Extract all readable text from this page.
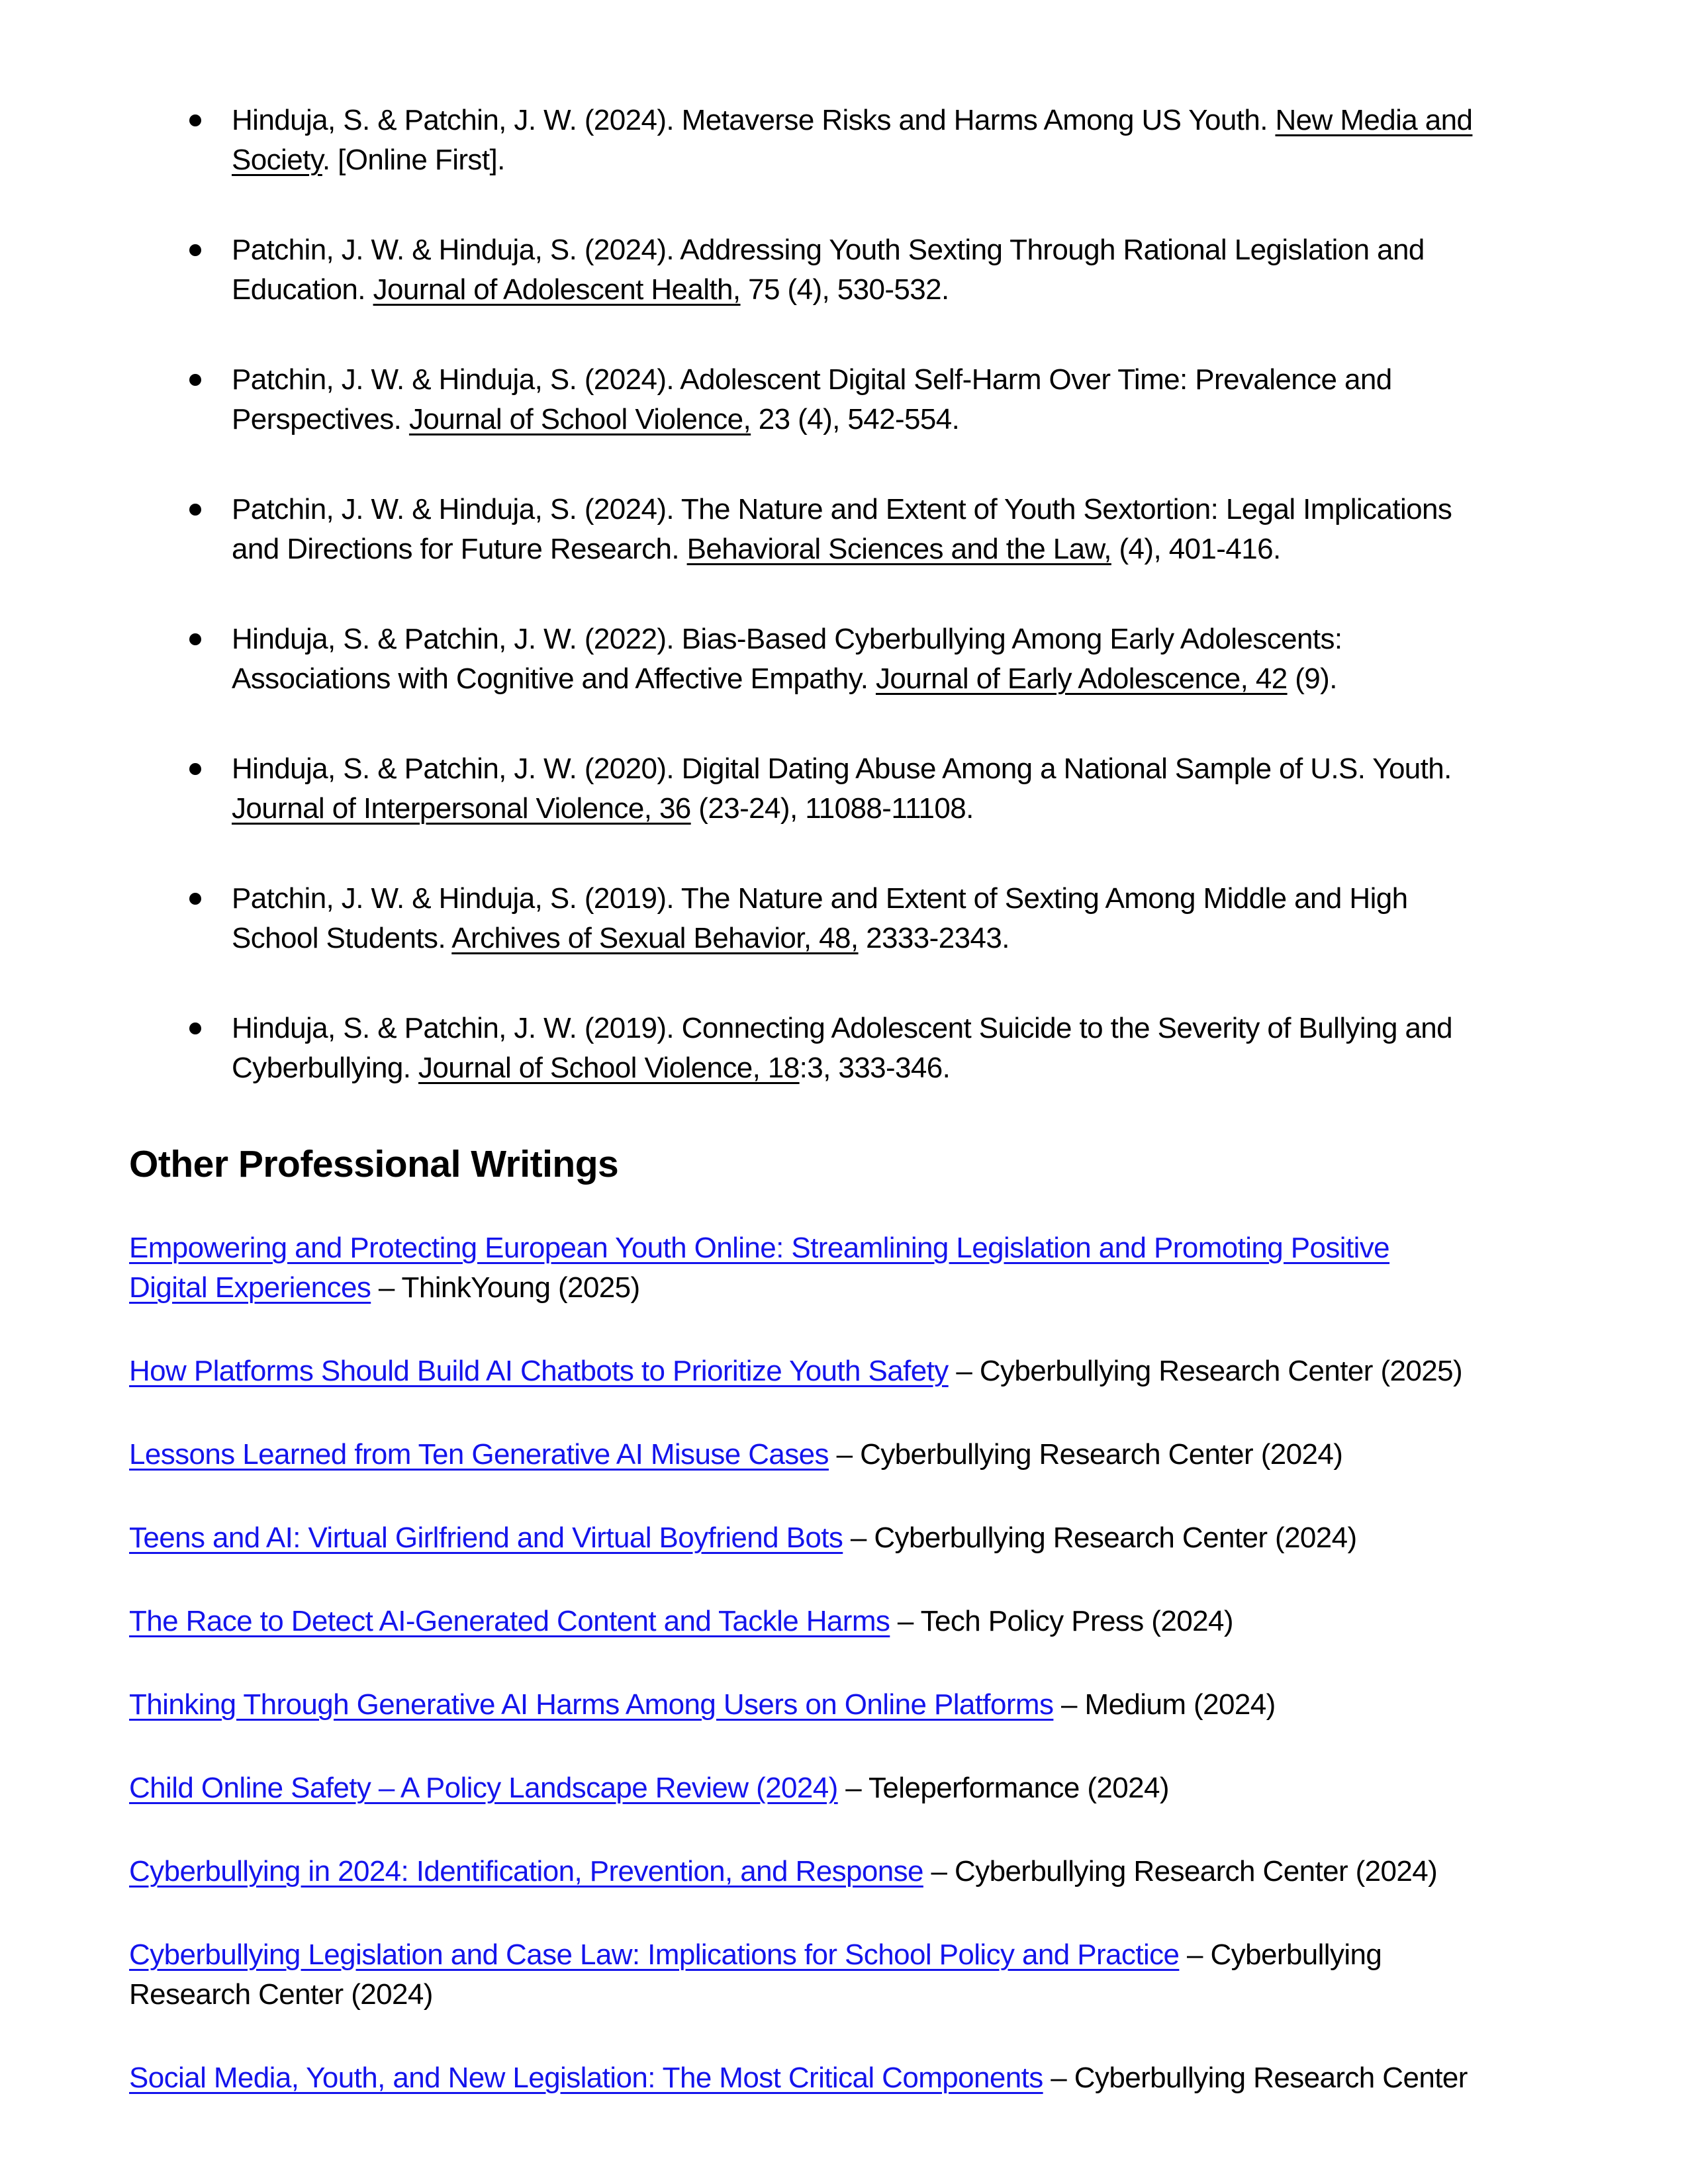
Hinduja, S. & Patchin, J. W. (2024). Metaverse Risks and Harms Among US Youth. New Media and
Society. [Online First].
Patchin, J. W. & Hinduja, S. (2024). Addressing Youth Sexting Through Rational Legislation and
Education. Journal of Adolescent Health, 75 (4), 530-532.
Patchin, J. W. & Hinduja, S. (2024). Adolescent Digital Self-Harm Over Time: Prevalence and
Perspectives. Journal of School Violence, 23 (4), 542-554.
Patchin, J. W. & Hinduja, S. (2024). The Nature and Extent of Youth Sextortion: Legal Implications
and Directions for Future Research. Behavioral Sciences and the Law, (4), 401-416.
Hinduja, S. & Patchin, J. W. (2022). Bias-Based Cyberbullying Among Early Adolescents:
Associations with Cognitive and Affective Empathy. Journal of Early Adolescence, 42 (9).
Hinduja, S. & Patchin, J. W. (2020). Digital Dating Abuse Among a National Sample of U.S. Youth.
Journal of Interpersonal Violence, 36 (23-24), 11088-11108.
Patchin, J. W. & Hinduja, S. (2019). The Nature and Extent of Sexting Among Middle and High
School Students. Archives of Sexual Behavior, 48, 2333-2343.
Hinduja, S. & Patchin, J. W. (2019). Connecting Adolescent Suicide to the Severity of Bullying and
Cyberbullying. Journal of School Violence, 18:3, 333-346.
Other Professional Writings

Empowering and Protecting European Youth Online: Streamlining Legislation and Promoting Positive
Digital Experiences – ThinkYoung (2025)

How Platforms Should Build AI Chatbots to Prioritize Youth Safety – Cyberbullying Research Center (2025)

Lessons Learned from Ten Generative AI Misuse Cases – Cyberbullying Research Center (2024)

Teens and AI: Virtual Girlfriend and Virtual Boyfriend Bots – Cyberbullying Research Center (2024)

The Race to Detect AI-Generated Content and Tackle Harms – Tech Policy Press (2024)

Thinking Through Generative AI Harms Among Users on Online Platforms – Medium (2024)

Child Online Safety – A Policy Landscape Review (2024) – Teleperformance (2024)

Cyberbullying in 2024: Identification, Prevention, and Response – Cyberbullying Research Center (2024)

Cyberbullying Legislation and Case Law: Implications for School Policy and Practice – Cyberbullying
Research Center (2024)

Social Media, Youth, and New Legislation: The Most Critical Components – Cyberbullying Research Center
